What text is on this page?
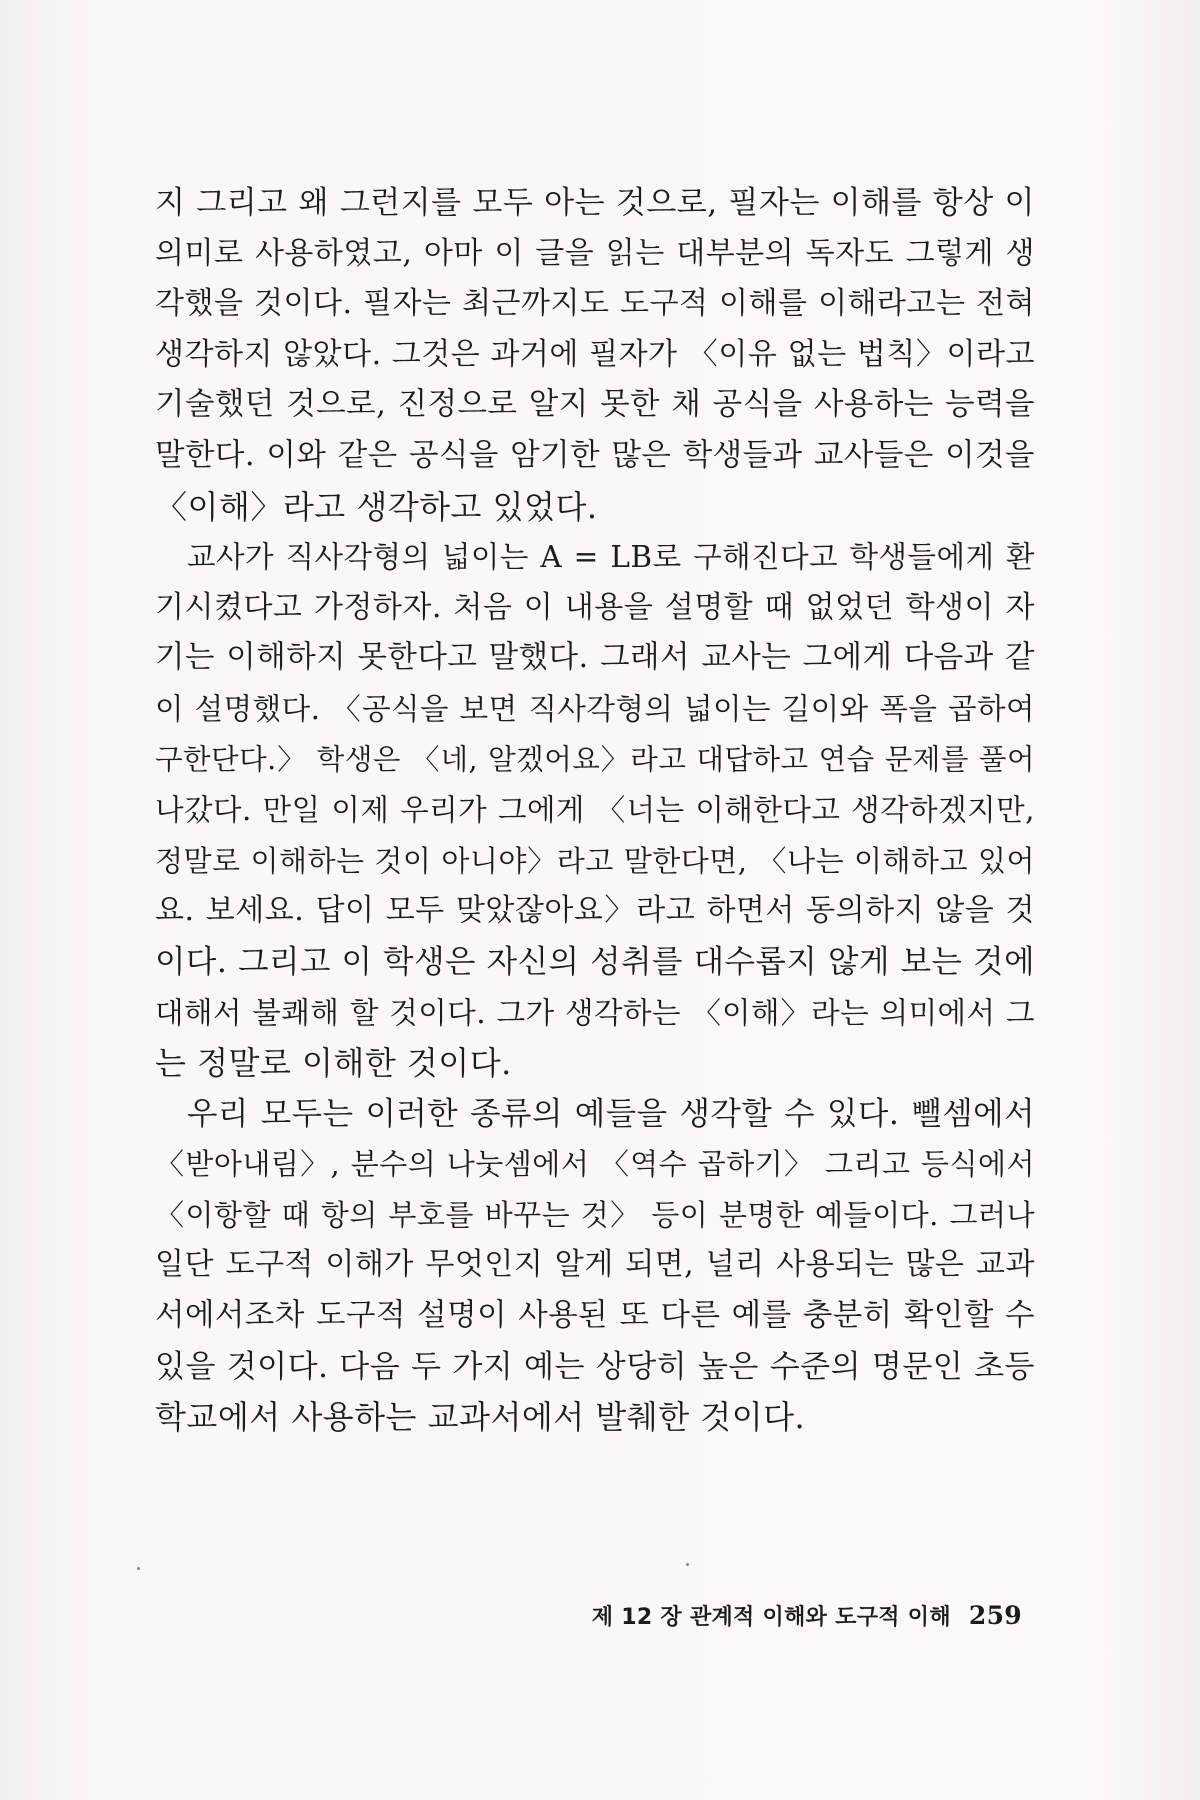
지 그리고 왜 그런지를 모두 아는 것으로, 필자는 이해를 항상 이
의미로 사용하였고, 아마 이 글을 읽는 대부분의 독자도 그렇게 생
각했을 것이다. 필자는 최근까지도 도구적 이해를 이해라고는 전혀
생각하지 않았다. 그것은 과거에 필자가 〈이유 없는 법칙〉이라고
기술했던 것으로, 진정으로 알지 못한 채 공식을 사용하는 능력을
말한다. 이와 같은 공식을 암기한 많은 학생들과 교사들은 이것을
〈이해〉라고 생각하고 있었다.
교사가 직사각형의 넓이는 A = LB로 구해진다고 학생들에게 환
기시켰다고 가정하자. 처음 이 내용을 설명할 때 없었던 학생이 자
기는 이해하지 못한다고 말했다. 그래서 교사는 그에게 다음과 같
이 설명했다. 〈공식을 보면 직사각형의 넓이는 길이와 폭을 곱하여
구한단다.〉 학생은 〈네, 알겠어요〉라고 대답하고 연습 문제를 풀어
나갔다. 만일 이제 우리가 그에게 〈너는 이해한다고 생각하겠지만,
정말로 이해하는 것이 아니야〉라고 말한다면, 〈나는 이해하고 있어
요. 보세요. 답이 모두 맞았잖아요〉라고 하면서 동의하지 않을 것
이다. 그리고 이 학생은 자신의 성취를 대수롭지 않게 보는 것에
대해서 불쾌해 할 것이다. 그가 생각하는 〈이해〉라는 의미에서 그
는 정말로 이해한 것이다.
우리 모두는 이러한 종류의 예들을 생각할 수 있다. 뺄셈에서
〈받아내림〉, 분수의 나눗셈에서 〈역수 곱하기〉 그리고 등식에서
〈이항할 때 항의 부호를 바꾸는 것〉 등이 분명한 예들이다. 그러나
일단 도구적 이해가 무엇인지 알게 되면, 널리 사용되는 많은 교과
서에서조차 도구적 설명이 사용된 또 다른 예를 충분히 확인할 수
있을 것이다. 다음 두 가지 예는 상당히 높은 수준의 명문인 초등
학교에서 사용하는 교과서에서 발췌한 것이다.
제 12 장 관계적 이해와 도구적 이해 259
